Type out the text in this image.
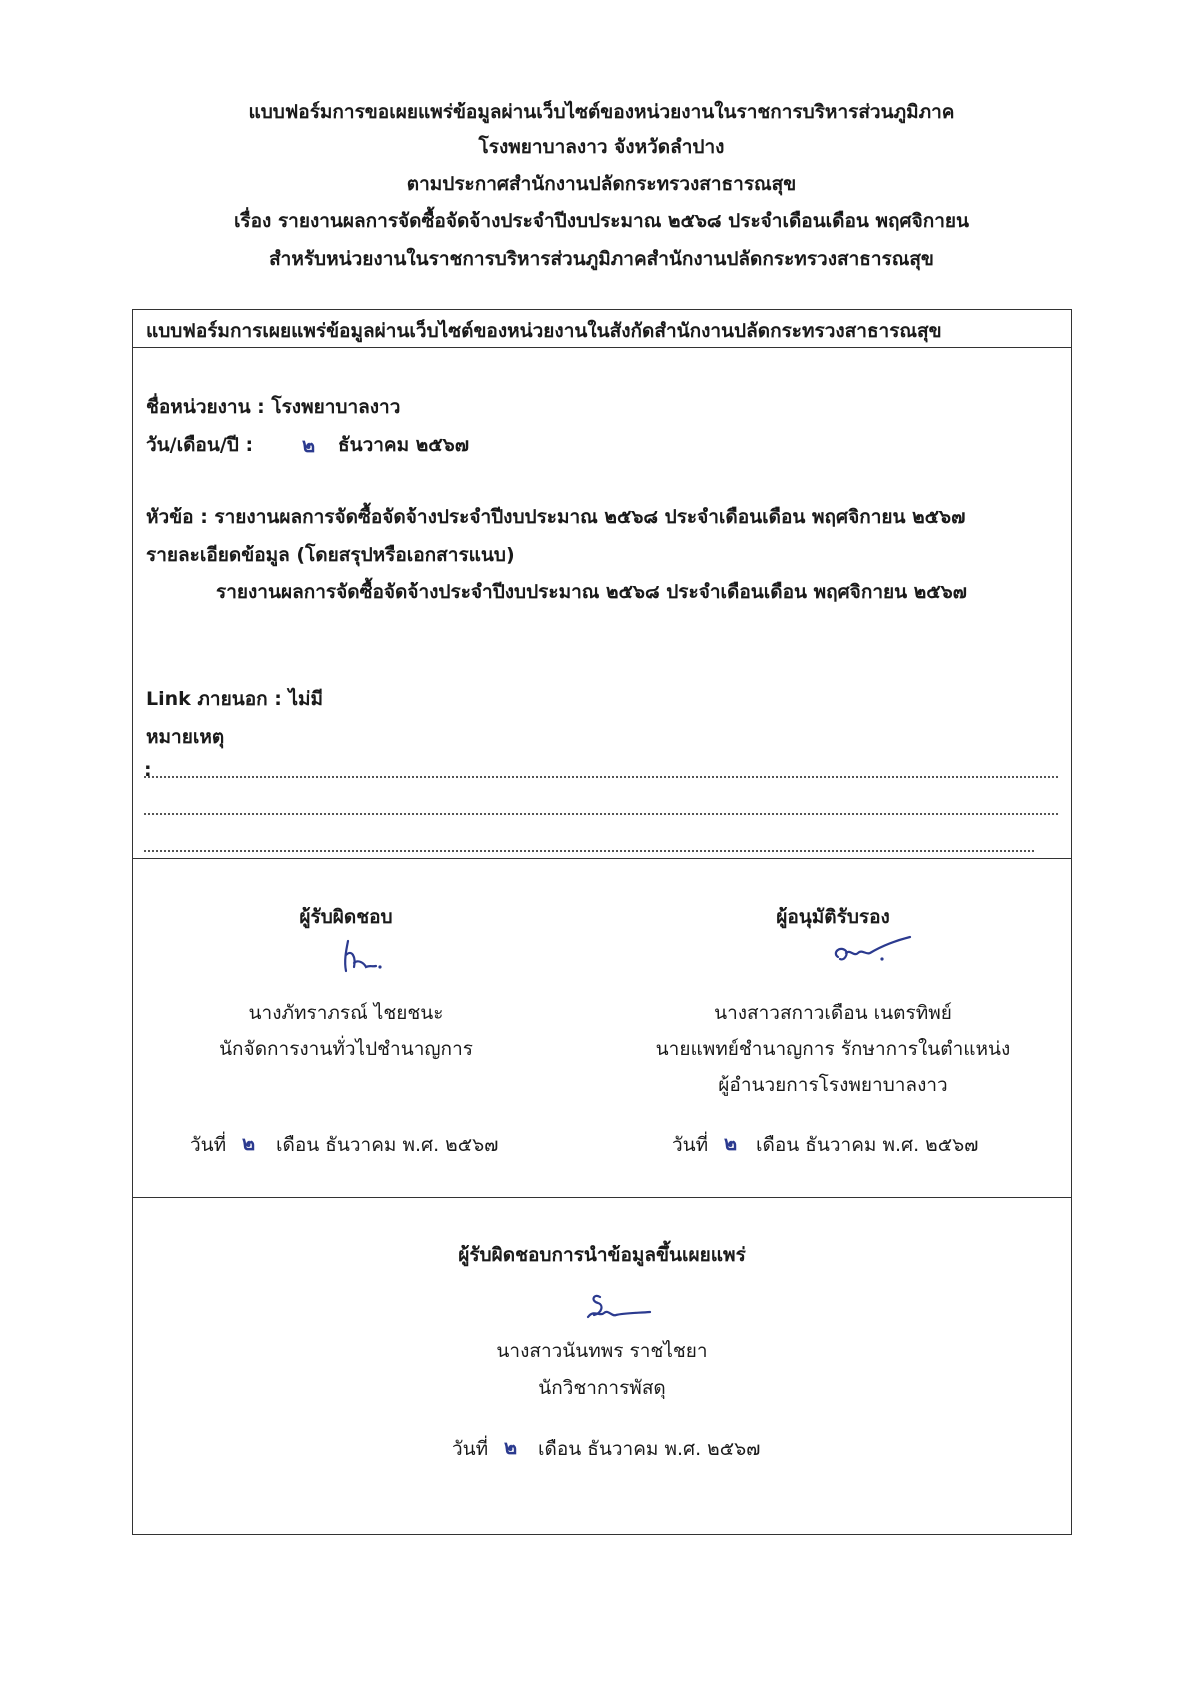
แบบฟอร์มการขอเผยแพร่ข้อมูลผ่านเว็บไซต์ของหน่วยงานในราชการบริหารส่วนภูมิภาค
โรงพยาบาลงาว จังหวัดลำปาง
ตามประกาศสำนักงานปลัดกระทรวงสาธารณสุข
เรื่อง รายงานผลการจัดซื้อจัดจ้างประจำปีงบประมาณ ๒๕๖๘ ประจำเดือนเดือน พฤศจิกายน
สำหรับหน่วยงานในราชการบริหารส่วนภูมิภาคสำนักงานปลัดกระทรวงสาธารณสุข
แบบฟอร์มการเผยแพร่ข้อมูลผ่านเว็บไซต์ของหน่วยงานในสังกัดสำนักงานปลัดกระทรวงสาธารณสุข
ชื่อหน่วยงาน : โรงพยาบาลงาว
วัน/เดือน/ปี : ๒ ธันวาคม ๒๕๖๗
หัวข้อ : รายงานผลการจัดซื้อจัดจ้างประจำปีงบประมาณ ๒๕๖๘ ประจำเดือนเดือน พฤศจิกายน ๒๕๖๗
รายละเอียดข้อมูล (โดยสรุปหรือเอกสารแนบ)
รายงานผลการจัดซื้อจัดจ้างประจำปีงบประมาณ ๒๕๖๘ ประจำเดือนเดือน พฤศจิกายน ๒๕๖๗
Link ภายนอก : ไม่มี
หมายเหตุ
:
ผู้รับผิดชอบ
นางภัทราภรณ์ ไชยชนะ
นักจัดการงานทั่วไปชำนาญการ
วันที่ ๒ เดือน ธันวาคม พ.ศ. ๒๕๖๗
ผู้อนุมัติรับรอง
นางสาวสกาวเดือน เนตรทิพย์
นายแพทย์ชำนาญการ รักษาการในตำแหน่ง
ผู้อำนวยการโรงพยาบาลงาว
วันที่ ๒ เดือน ธันวาคม พ.ศ. ๒๕๖๗
ผู้รับผิดชอบการนำข้อมูลขึ้นเผยแพร่
นางสาวนันทพร ราชไชยา
นักวิชาการพัสดุ
วันที่ ๒ เดือน ธันวาคม พ.ศ. ๒๕๖๗
